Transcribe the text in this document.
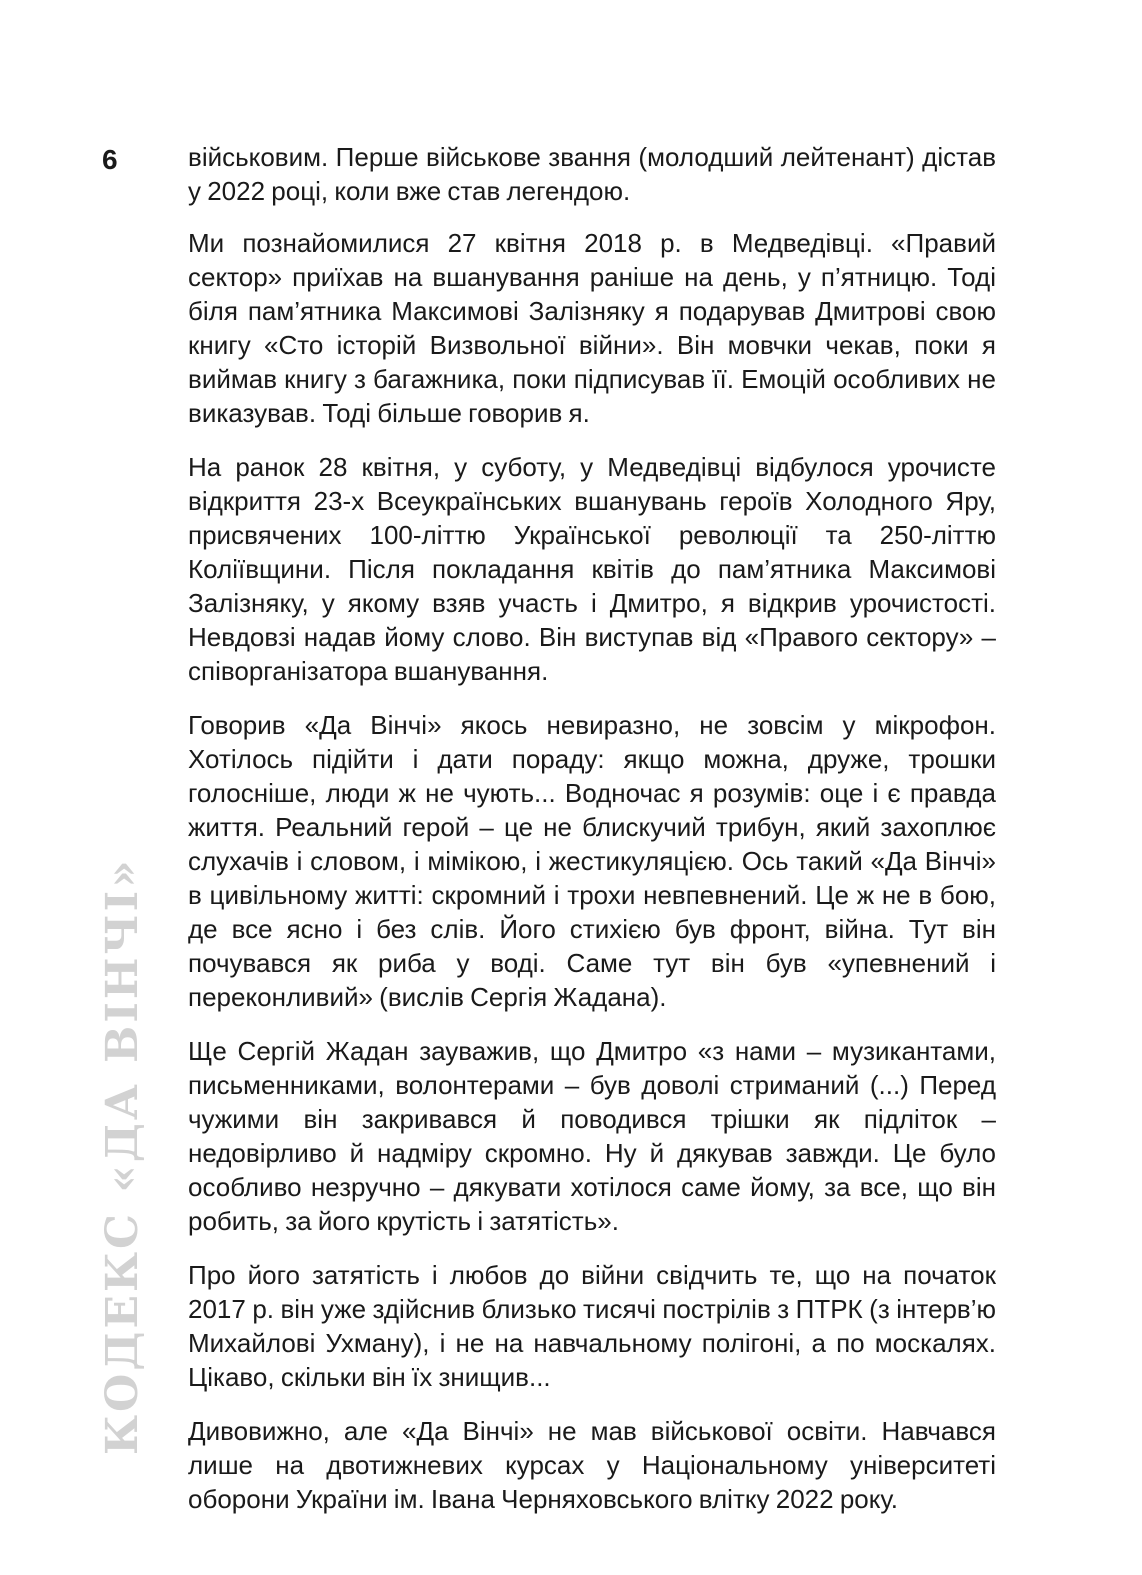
6
КОДЕКС «ДА ВІНЧІ»

військовим. Перше військове звання (молодший лейтенант) дістав у 2022 році, коли вже став легендою.

Ми познайомилися 27 квітня 2018 р. в Медведівці. «Правий сектор» приїхав на вшанування раніше на день, у п’ятницю. Тоді біля пам’ятника Максимові Залізняку я подарував Дмитрові свою книгу «Сто історій Визвольної війни». Він мовчки чекав, поки я виймав книгу з багажника, поки підписував її. Емоцій особливих не виказував. Тоді більше говорив я.

На ранок 28 квітня, у суботу, у Медведівці відбулося урочисте відкриття 23-х Всеукраїнських вшанувань героїв Холодного Яру, присвячених 100-літтю Української революції та 250-літтю Коліївщини. Після покладання квітів до пам’ятника Максимові Залізняку, у якому взяв участь і Дмитро, я відкрив урочистості. Невдовзі надав йому слово. Він виступав від «Правого сектору» – співорганізатора вшанування.

Говорив «Да Вінчі» якось невиразно, не зовсім у мікрофон. Хотілось підійти і дати пораду: якщо можна, друже, трошки голосніше, люди ж не чують... Водночас я розумів: оце і є правда життя. Реальний герой – це не блискучий трибун, який захоплює слухачів і словом, і мімікою, і жестикуляцією. Ось такий «Да Вінчі» в цивільному житті: скромний і трохи невпевнений. Це ж не в бою, де все ясно і без слів. Його стихією був фронт, війна. Тут він почувався як риба у воді. Саме тут він був «упевнений і переконливий» (вислів Сергія Жадана).

Ще Сергій Жадан зауважив, що Дмитро «з нами – музикантами, письменниками, волонтерами – був доволі стриманий (...) Перед чужими він закривався й поводився трішки як підліток – недовірливо й надміру скромно. Ну й дякував завжди. Це було особливо незручно – дякувати хотілося саме йому, за все, що він робить, за його крутість і затятість».

Про його затятість і любов до війни свідчить те, що на початок 2017 р. він уже здійснив близько тисячі пострілів з ПТРК (з інтерв’ю Михайлові Ухману), і не на навчальному полігоні, а по москалях. Цікаво, скільки він їх знищив...

Дивовижно, але «Да Вінчі» не мав військової освіти. Навчався лише на двотижневих курсах у Національному університеті оборони України ім. Івана Черняховського влітку 2022 року.
